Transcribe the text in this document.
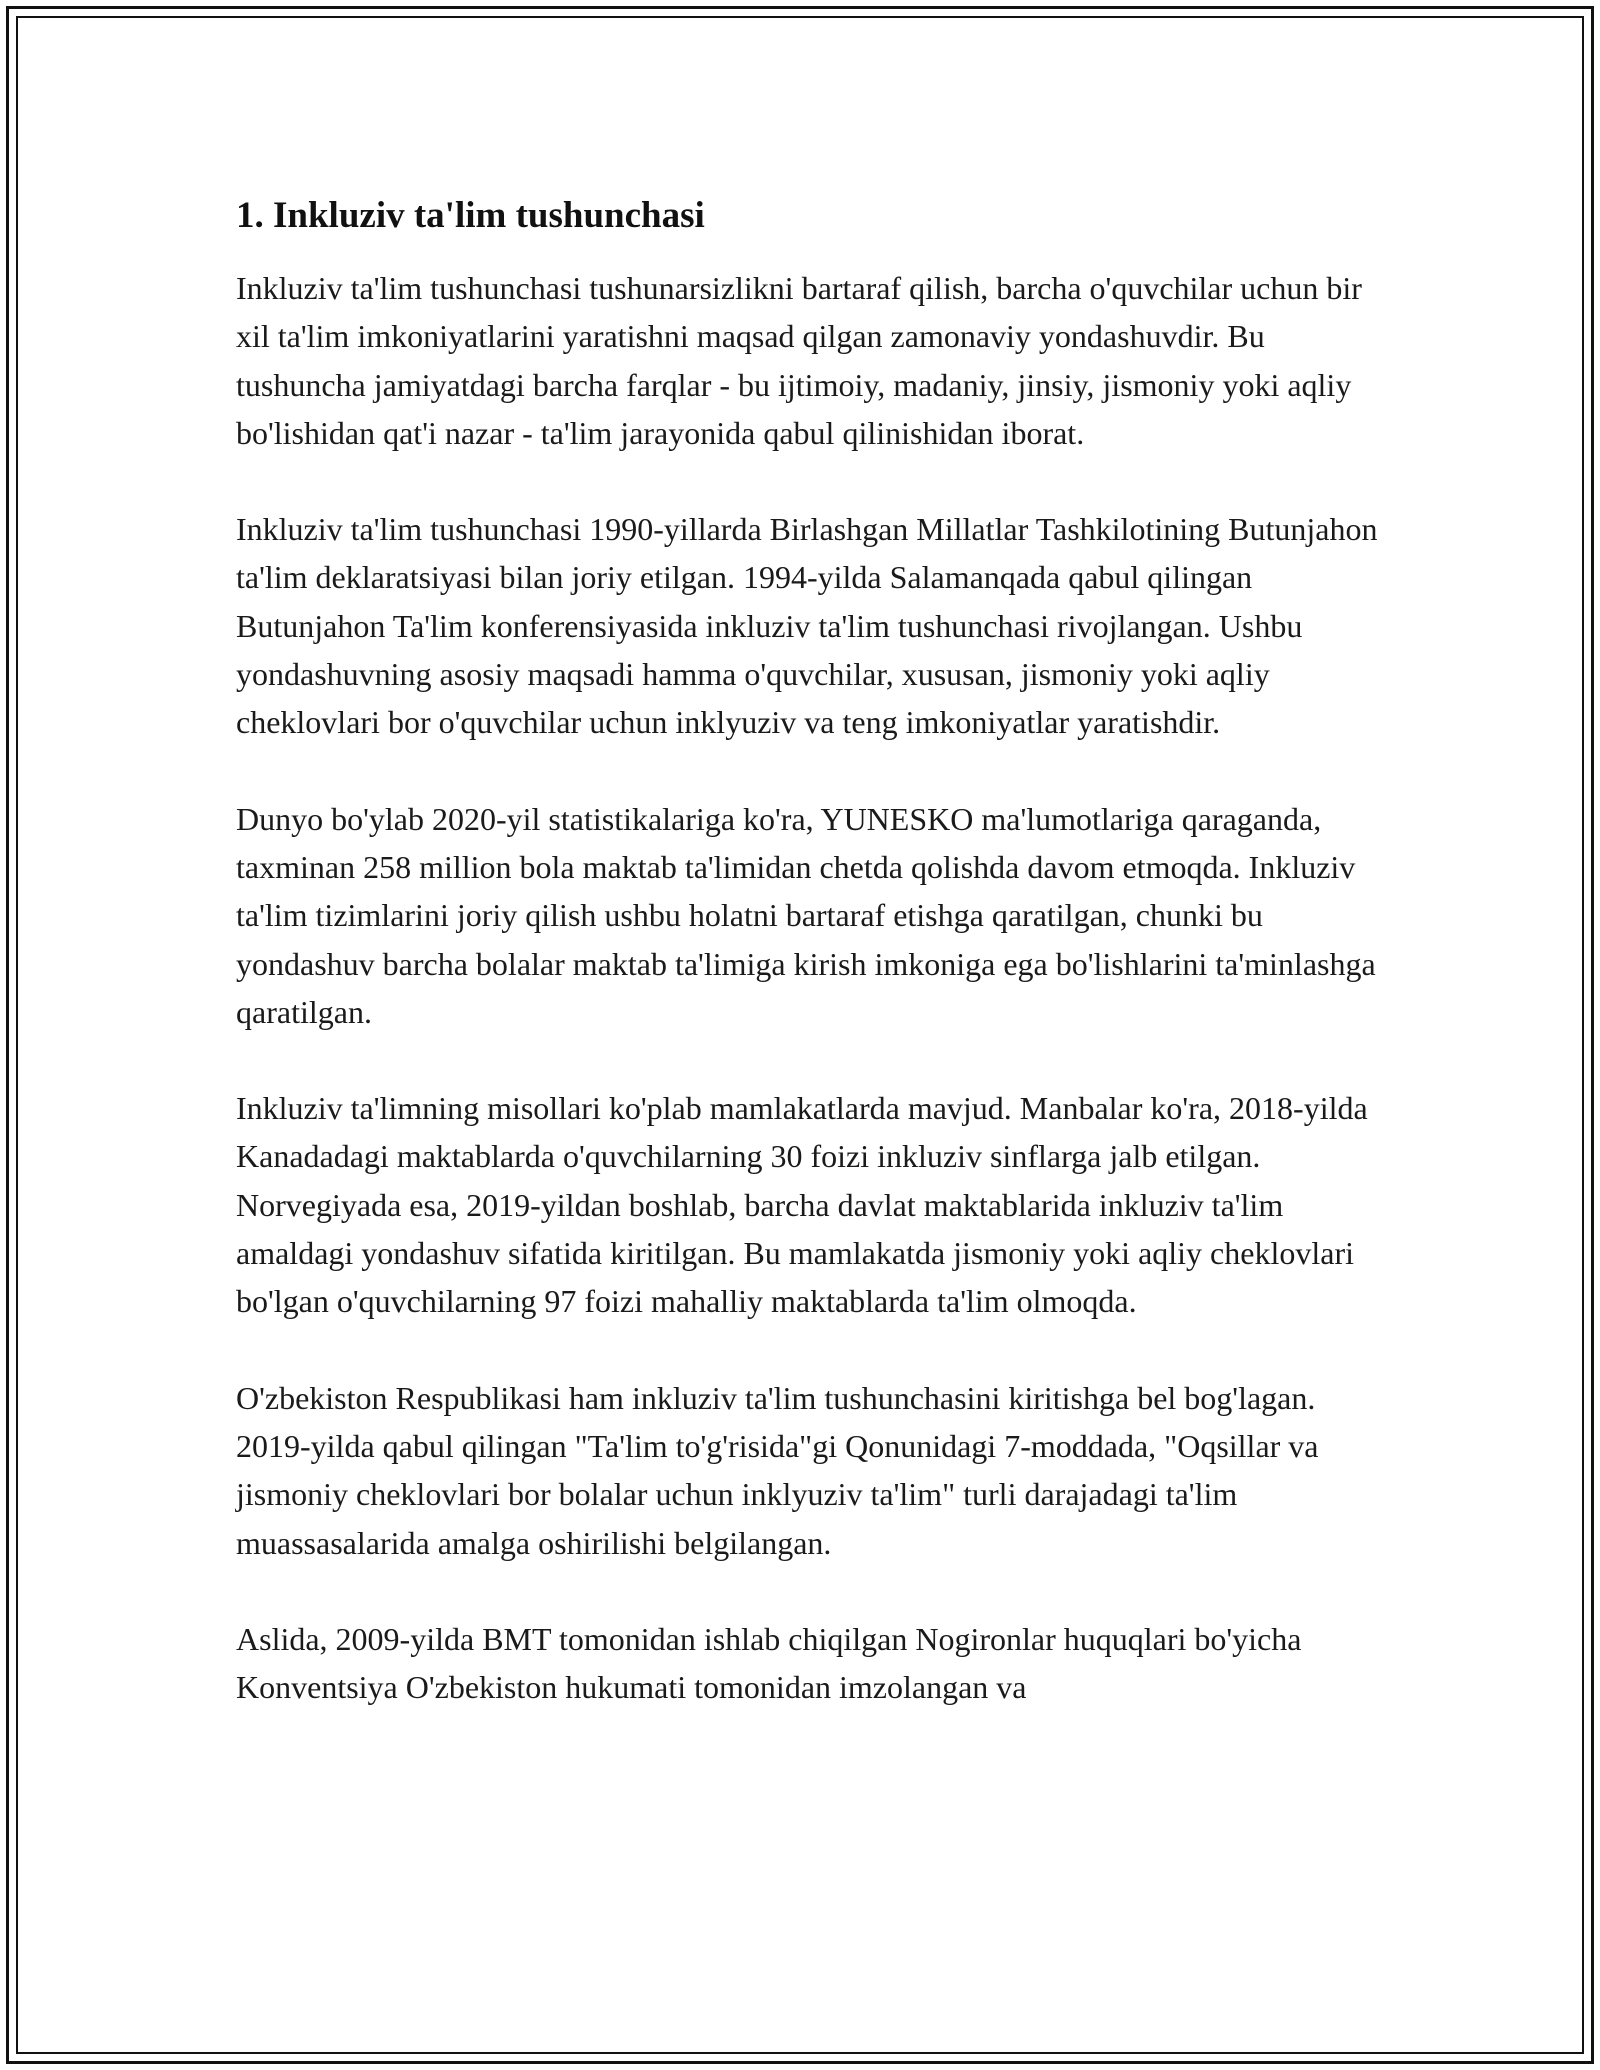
1. Inkluziv ta'lim tushunchasi

Inkluziv ta'lim tushunchasi tushunarsizlikni bartaraf qilish, barcha o'quvchilar uchun bir xil ta'lim imkoniyatlarini yaratishni maqsad qilgan zamonaviy yondashuvdir. Bu tushuncha jamiyatdagi barcha farqlar - bu ijtimoiy, madaniy, jinsiy, jismoniy yoki aqliy bo'lishidan qat'i nazar - ta'lim jarayonida qabul qilinishidan iborat.

Inkluziv ta'lim tushunchasi 1990-yillarda Birlashgan Millatlar Tashkilotining Butunjahon ta'lim deklaratsiyasi bilan joriy etilgan. 1994-yilda Salamanqada qabul qilingan Butunjahon Ta'lim konferensiyasida inkluziv ta'lim tushunchasi rivojlangan. Ushbu yondashuvning asosiy maqsadi hamma o'quvchilar, xususan, jismoniy yoki aqliy cheklovlari bor o'quvchilar uchun inklyuziv va teng imkoniyatlar yaratishdir.

Dunyo bo'ylab 2020-yil statistikalariga ko'ra, YUNESKO ma'lumotlariga qaraganda, taxminan 258 million bola maktab ta'limidan chetda qolishda davom etmoqda. Inkluziv ta'lim tizimlarini joriy qilish ushbu holatni bartaraf etishga qaratilgan, chunki bu yondashuv barcha bolalar maktab ta'limiga kirish imkoniga ega bo'lishlarini ta'minlashga qaratilgan.

Inkluziv ta'limning misollari ko'plab mamlakatlarda mavjud. Manbalar ko'ra, 2018-yilda Kanadadagi maktablarda o'quvchilarning 30 foizi inkluziv sinflarga jalb etilgan. Norvegiyada esa, 2019-yildan boshlab, barcha davlat maktablarida inkluziv ta'lim amaldagi yondashuv sifatida kiritilgan. Bu mamlakatda jismoniy yoki aqliy cheklovlari bo'lgan o'quvchilarning 97 foizi mahalliy maktablarda ta'lim olmoqda.

O'zbekiston Respublikasi ham inkluziv ta'lim tushunchasini kiritishga bel bog'lagan. 2019-yilda qabul qilingan "Ta'lim to'g'risida"gi Qonunidagi 7-moddada, "Oqsillar va jismoniy cheklovlari bor bolalar uchun inklyuziv ta'lim" turli darajadagi ta'lim muassasalarida amalga oshirilishi belgilangan.

Aslida, 2009-yilda BMT tomonidan ishlab chiqilgan Nogironlar huquqlari bo'yicha Konventsiya O'zbekiston hukumati tomonidan imzolangan va
